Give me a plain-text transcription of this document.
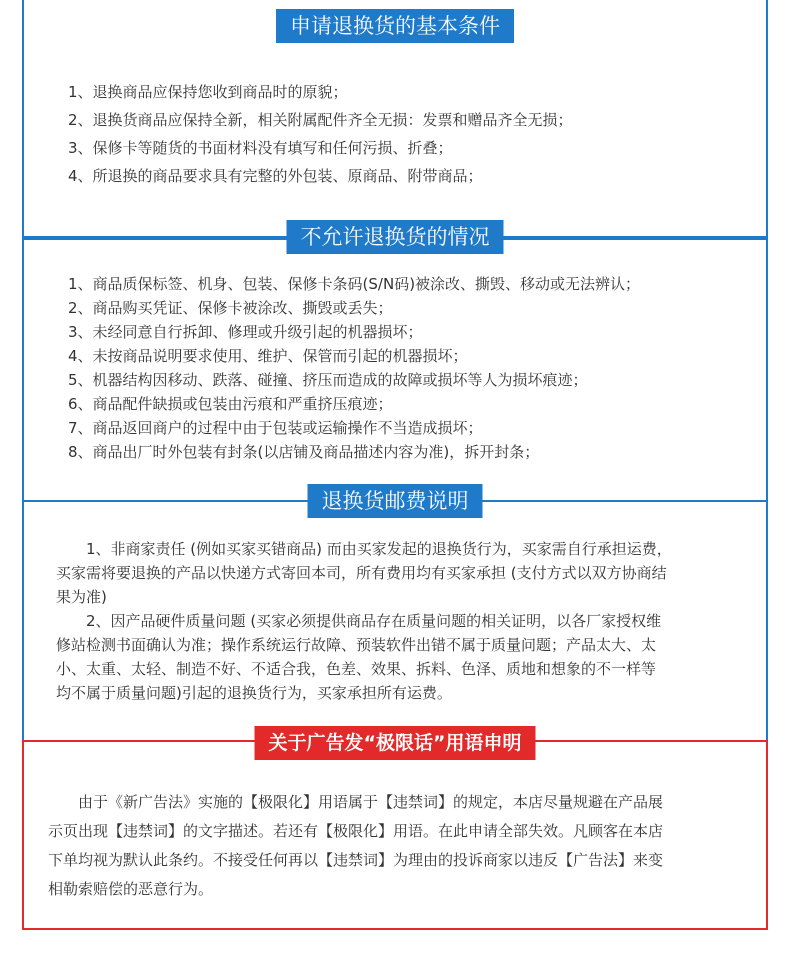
申请退换货的基本条件
1、退换商品应保持您收到商品时的原貌；
2、退换货商品应保持全新，相关附属配件齐全无损：发票和赠品齐全无损；
3、保修卡等随货的书面材料没有填写和任何污损、折叠；
4、所退换的商品要求具有完整的外包装、原商品、附带商品；
不允许退换货的情况
1、商品质保标签、机身、包装、保修卡条码(S/N码)被涂改、撕毁、移动或无法辨认；
2、商品购买凭证、保修卡被涂改、撕毁或丢失；
3、未经同意自行拆卸、修理或升级引起的机器损坏；
4、未按商品说明要求使用、维护、保管而引起的机器损坏；
5、机器结构因移动、跌落、碰撞、挤压而造成的故障或损坏等人为损坏痕迹；
6、商品配件缺损或包装由污痕和严重挤压痕迹；
7、商品返回商户的过程中由于包装或运输操作不当造成损坏；
8、商品出厂时外包装有封条(以店铺及商品描述内容为准)，拆开封条；
退换货邮费说明
　　1、非商家责任 (例如买家买错商品) 而由买家发起的退换货行为，买家需自行承担运费，
买家需将要退换的产品以快递方式寄回本司，所有费用均有买家承担 (支付方式以双方协商结
果为准)
　　2、因产品硬件质量问题 (买家必须提供商品存在质量问题的相关证明，以各厂家授权维
修站检测书面确认为准；操作系统运行故障、预装软件出错不属于质量问题；产品太大、太
小、太重、太轻、制造不好、不适合我，色差、效果、拆料、色泽、质地和想象的不一样等
均不属于质量问题)引起的退换货行为，买家承担所有运费。
关于广告发“极限话”用语申明
　　由于《新广告法》实施的【极限化】用语属于【违禁词】的规定，本店尽量规避在产品展
示页出现【违禁词】的文字描述。若还有【极限化】用语。在此申请全部失效。凡顾客在本店
下单均视为默认此条约。不接受任何再以【违禁词】为理由的投诉商家以违反【广告法】来变
相勒索赔偿的恶意行为。
